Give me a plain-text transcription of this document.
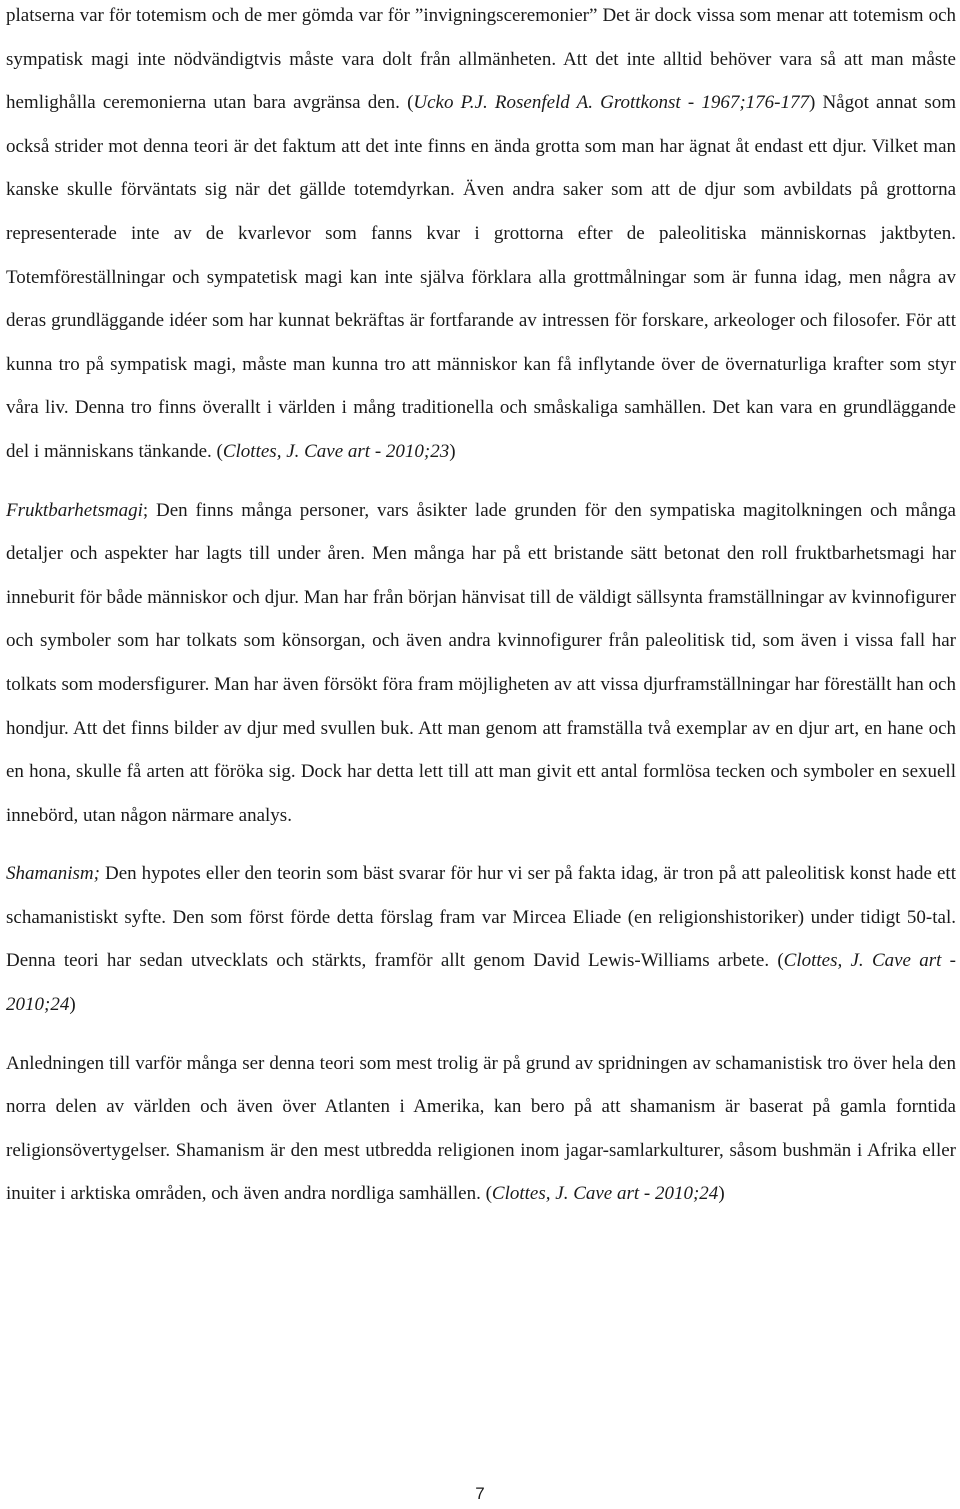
platserna var för totemism och de mer gömda var för ”invigningsceremonier” Det är dock vissa som menar att totemism och sympatisk magi inte nödvändigtvis måste vara dolt från allmänheten. Att det inte alltid behöver vara så att man måste hemlighålla ceremonierna utan bara avgränsa den. (Ucko P.J. Rosenfeld A. Grottkonst - 1967;176-177) Något annat som också strider mot denna teori är det faktum att det inte finns en ända grotta som man har ägnat åt endast ett djur. Vilket man kanske skulle förväntats sig när det gällde totemdyrkan. Även andra saker som att de djur som avbildats på grottorna representerade inte av de kvarlevor som fanns kvar i grottorna efter de paleolitiska människornas jaktbyten. Totemföreställningar och sympatetisk magi kan inte själva förklara alla grottmålningar som är funna idag, men några av deras grundläggande idéer som har kunnat bekräftas är fortfarande av intressen för forskare, arkeologer och filosofer. För att kunna tro på sympatisk magi, måste man kunna tro att människor kan få inflytande över de övernaturliga krafter som styr våra liv. Denna tro finns överallt i världen i mång traditionella och småskaliga samhällen. Det kan vara en grundläggande del i människans tänkande. (Clottes, J. Cave art - 2010;23)

Fruktbarhetsmagi; Den finns många personer, vars åsikter lade grunden för den sympatiska magitolkningen och många detaljer och aspekter har lagts till under åren. Men många har på ett bristande sätt betonat den roll fruktbarhetsmagi har inneburit för både människor och djur. Man har från början hänvisat till de väldigt sällsynta framställningar av kvinnofigurer och symboler som har tolkats som könsorgan, och även andra kvinnofigurer från paleolitisk tid, som även i vissa fall har tolkats som modersfigurer. Man har även försökt föra fram möjligheten av att vissa djurframställningar har föreställt han och hondjur. Att det finns bilder av djur med svullen buk. Att man genom att framställa två exemplar av en djur art, en hane och en hona, skulle få arten att föröka sig. Dock har detta lett till att man givit ett antal formlösa tecken och symboler en sexuell innebörd, utan någon närmare analys.

Shamanism; Den hypotes eller den teorin som bäst svarar för hur vi ser på fakta idag, är tron på att paleolitisk konst hade ett schamanistiskt syfte. Den som först förde detta förslag fram var Mircea Eliade (en religionshistoriker) under tidigt 50-tal. Denna teori har sedan utvecklats och stärkts, framför allt genom David Lewis-Williams arbete. (Clottes, J. Cave art - 2010;24)

Anledningen till varför många ser denna teori som mest trolig är på grund av spridningen av schamanistisk tro över hela den norra delen av världen och även över Atlanten i Amerika, kan bero på att shamanism är baserat på gamla forntida religionsövertygelser. Shamanism är den mest utbredda religionen inom jagar-samlarkulturer, såsom bushmän i Afrika eller inuiter i arktiska områden, och även andra nordliga samhällen. (Clottes, J. Cave art - 2010;24)

7
